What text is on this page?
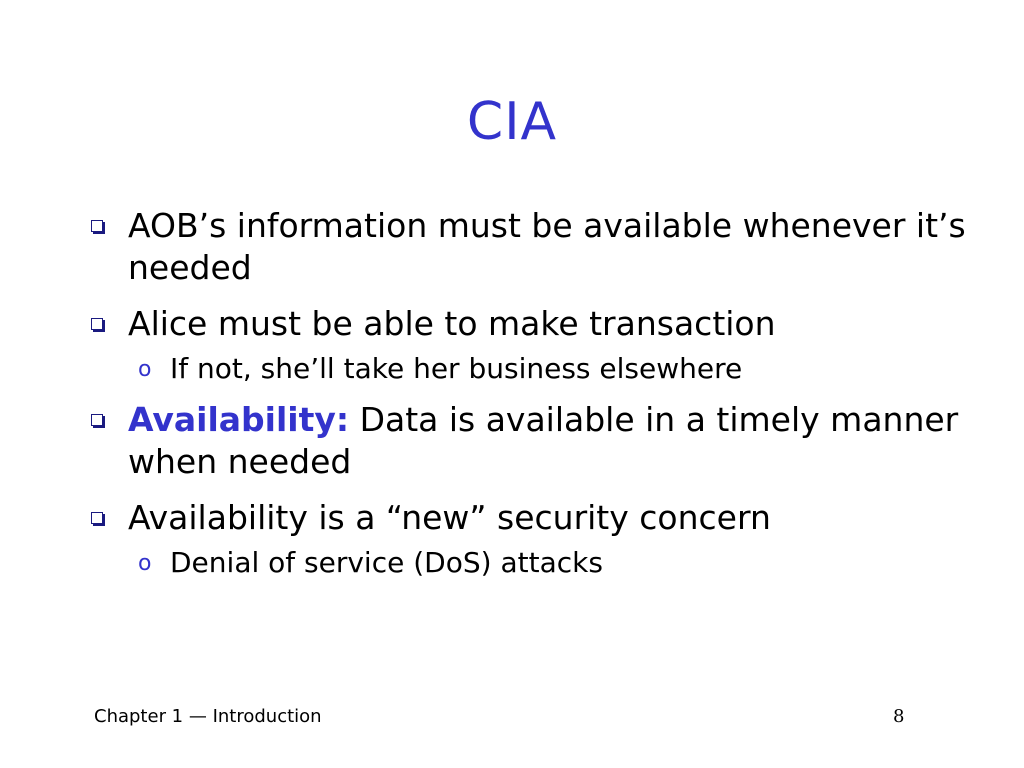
CIA
AOB’s information must be available whenever it’s needed
Alice must be able to make transaction
o If not, she’ll take her business elsewhere
Availability: Data is available in a timely manner when needed
Availability is a “new” security concern
o Denial of service (DoS) attacks
Chapter 1 — Introduction	8
